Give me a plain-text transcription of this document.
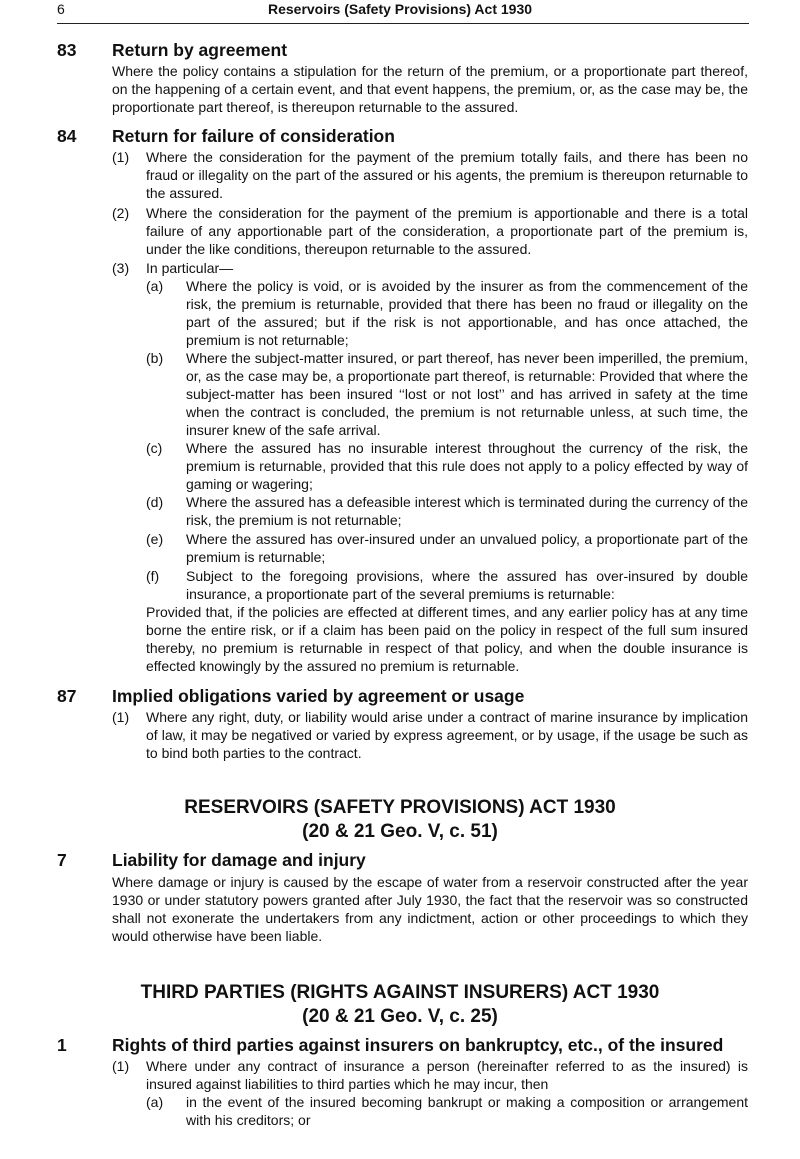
6	Reservoirs (Safety Provisions) Act 1930
83 Return by agreement

Where the policy contains a stipulation for the return of the premium, or a proportionate part thereof, on the happening of a certain event, and that event happens, the premium, or, as the case may be, the proportionate part thereof, is thereupon returnable to the assured.

84 Return for failure of consideration
(1) Where the consideration for the payment of the premium totally fails, and there has been no fraud or illegality on the part of the assured or his agents, the premium is thereupon returnable to the assured.

(2) Where the consideration for the payment of the premium is apportionable and there is a total failure of any apportionable part of the consideration, a proportionate part of the premium is, under the like conditions, thereupon returnable to the assured.

(3) In particular—

(a) Where the policy is void, or is avoided by the insurer as from the commencement of the risk, the premium is returnable, provided that there has been no fraud or illegality on the part of the assured; but if the risk is not apportionable, and has once attached, the premium is not returnable;

(b) Where the subject-matter insured, or part thereof, has never been imperilled, the premium, or, as the case may be, a proportionate part thereof, is returnable: Provided that where the subject-matter has been insured ‘‘lost or not lost’’ and has arrived in safety at the time when the contract is concluded, the premium is not returnable unless, at such time, the insurer knew of the safe arrival.

(c) Where the assured has no insurable interest throughout the currency of the risk, the premium is returnable, provided that this rule does not apply to a policy effected by way of gaming or wagering;

(d) Where the assured has a defeasible interest which is terminated during the currency of the risk, the premium is not returnable;

(e) Where the assured has over-insured under an unvalued policy, a proportionate part of the premium is returnable;

(f) Subject to the foregoing provisions, where the assured has over-insured by double insurance, a proportionate part of the several premiums is returnable:

Provided that, if the policies are effected at different times, and any earlier policy has at any time borne the entire risk, or if a claim has been paid on the policy in respect of the full sum insured thereby, no premium is returnable in respect of that policy, and when the double insurance is effected knowingly by the assured no premium is returnable.

87 Implied obligations varied by agreement or usage
(1) Where any right, duty, or liability would arise under a contract of marine insurance by implication of law, it may be negatived or varied by express agreement, or by usage, if the usage be such as to bind both parties to the contract.

RESERVOIRS (SAFETY PROVISIONS) ACT 1930
(20 & 21 Geo. V, c. 51)
7	Liability for damage and injury

Where damage or injury is caused by the escape of water from a reservoir constructed after the year 1930 or under statutory powers granted after July 1930, the fact that the reservoir was so constructed shall not exonerate the undertakers from any indictment, action or other proceedings to which they would otherwise have been liable.

THIRD PARTIES (RIGHTS AGAINST INSURERS) ACT 1930
(20 & 21 Geo. V, c. 25)
1	Rights of third parties against insurers on bankruptcy, etc., of the insured
(1) Where under any contract of insurance a person (hereinafter referred to as the insured) is insured against liabilities to third parties which he may incur, then

(a) in the event of the insured becoming bankrupt or making a composition or arrangement with his creditors; or
